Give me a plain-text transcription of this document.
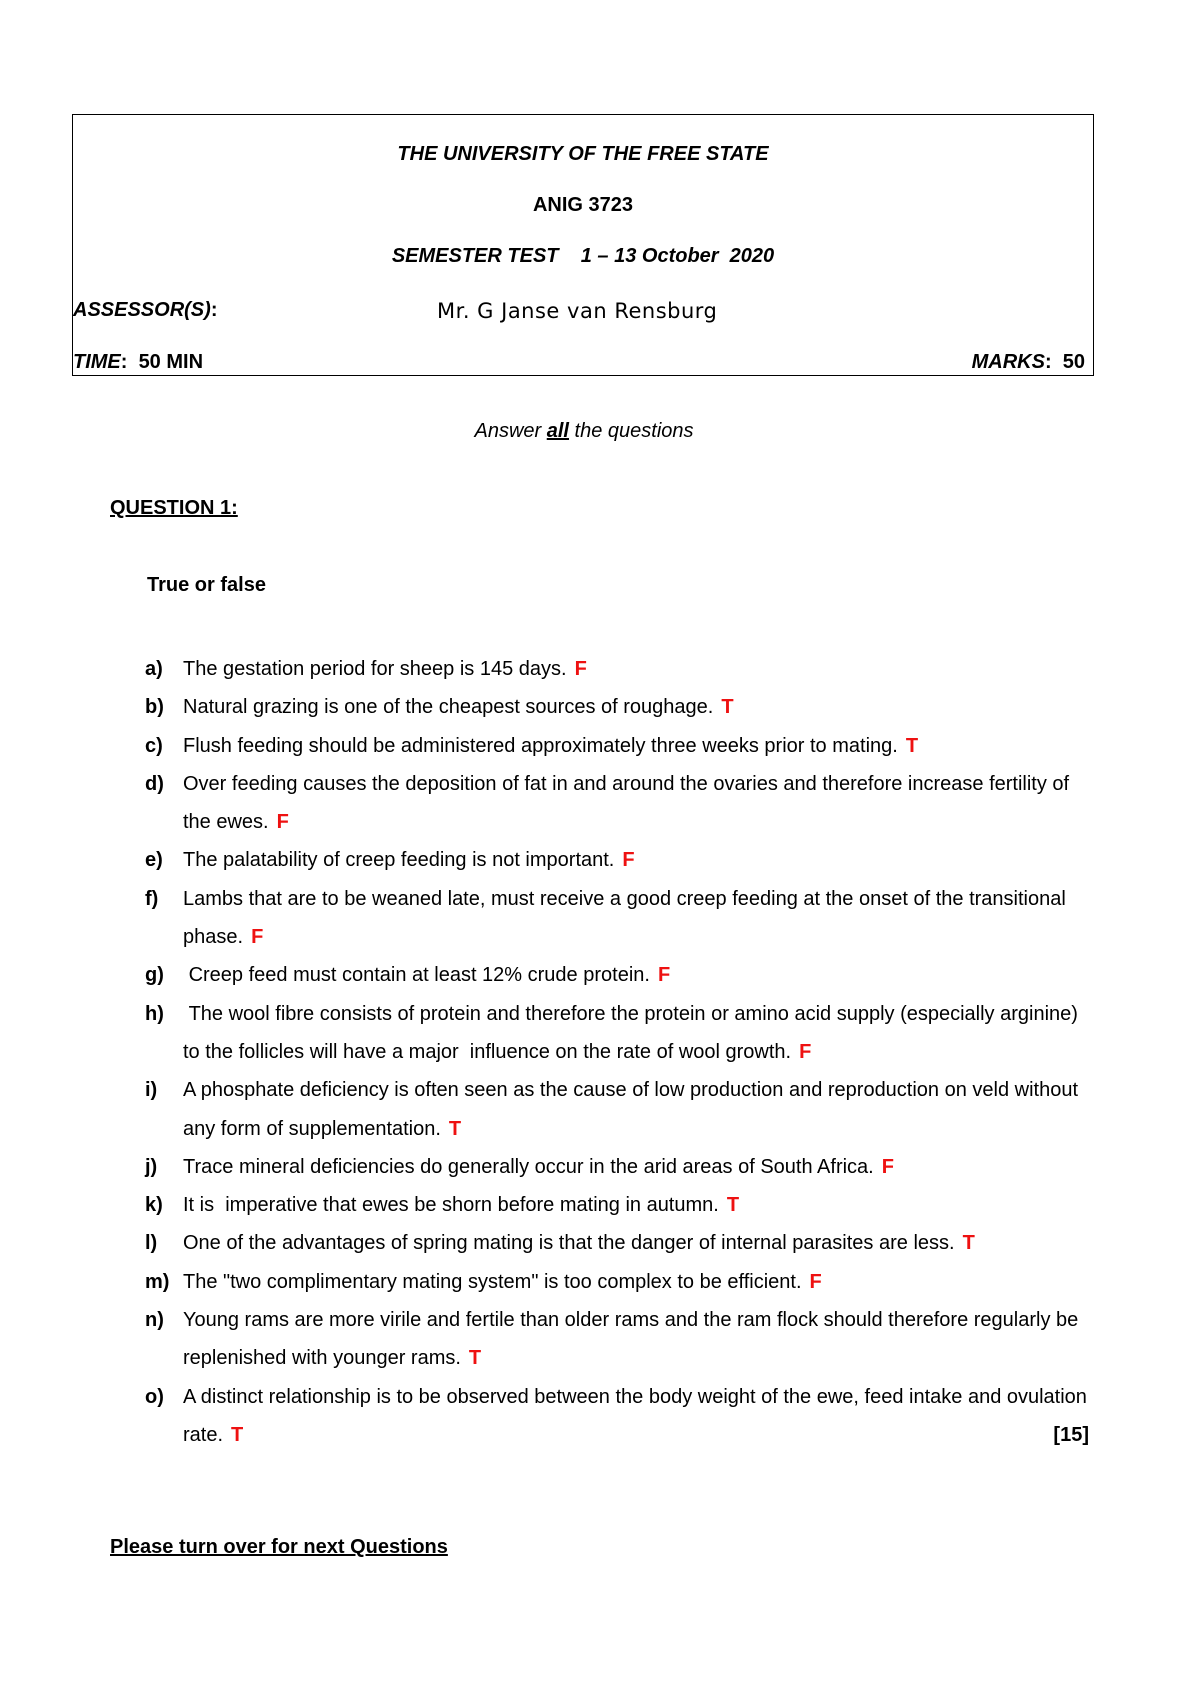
THE UNIVERSITY OF THE FREE STATE
ANIG 3723
SEMESTER TEST    1 – 13 October  2020
ASSESSOR(S):	Mr. G Janse van Rensburg
TIME:  50 MIN	MARKS:  50
Answer all the questions
QUESTION 1:
True or false
a) The gestation period for sheep is 145 days. F
b) Natural grazing is one of the cheapest sources of roughage. T
c) Flush feeding should be administered approximately three weeks prior to mating. T
d) Over feeding causes the deposition of fat in and around the ovaries and therefore increase fertility of the ewes. F
e) The palatability of creep feeding is not important. F
f) Lambs that are to be weaned late, must receive a good creep feeding at the onset of the transitional phase. F
g) Creep feed must contain at least 12% crude protein. F
h) The wool fibre consists of protein and therefore the protein or amino acid supply (especially arginine) to the follicles will have a major  influence on the rate of wool growth. F
i) A phosphate deficiency is often seen as the cause of low production and reproduction on veld without any form of supplementation. T
j) Trace mineral deficiencies do generally occur in the arid areas of South Africa. F
k) It is  imperative that ewes be shorn before mating in autumn. T
l) One of the advantages of spring mating is that the danger of internal parasites are less. T
m) The "two complimentary mating system" is too complex to be efficient. F
n) Young rams are more virile and fertile than older rams and the ram flock should therefore regularly be replenished with younger rams. T
o) A distinct relationship is to be observed between the body weight of the ewe, feed intake and ovulation rate. T	[15]
Please turn over for next Questions
